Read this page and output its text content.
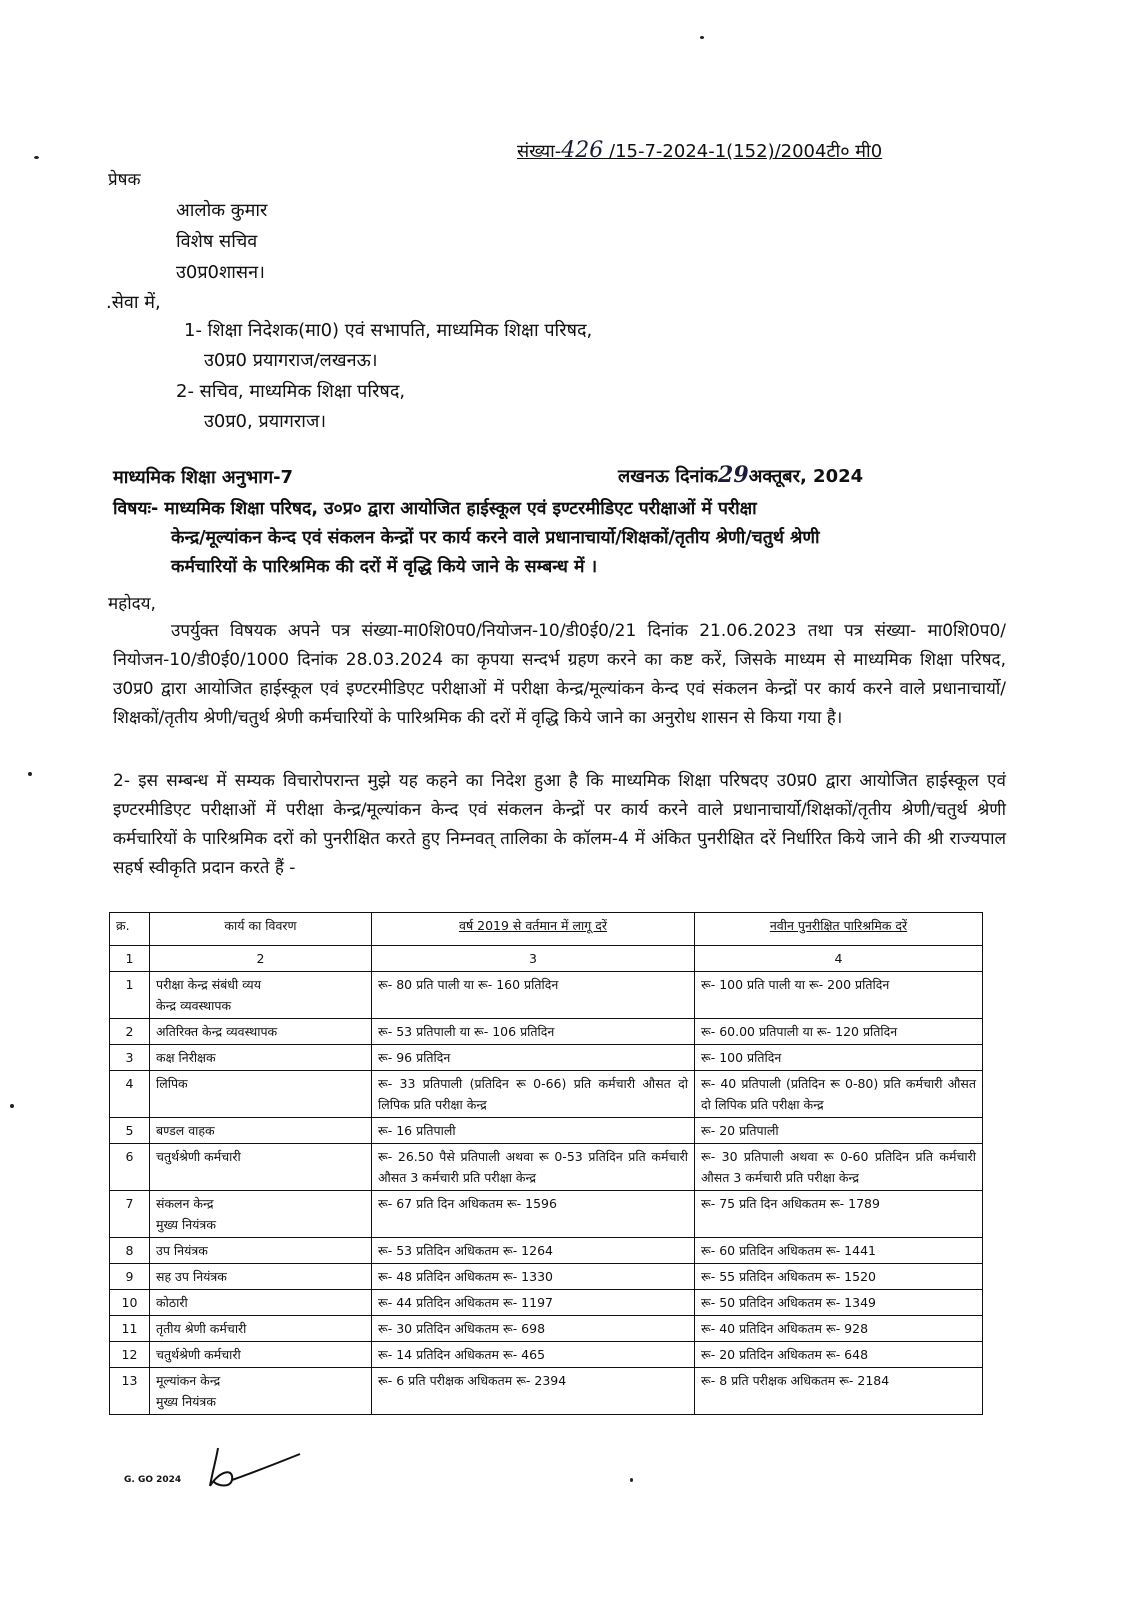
संख्या-426 /15-7-2024-1(152)/2004टी० मी0
प्रेषक
आलोक कुमार
विशेष सचिव
उ0प्र0शासन।
.सेवा में,
1- शिक्षा निदेशक(मा0) एवं सभापति, माध्यमिक शिक्षा परिषद,
उ0प्र0 प्रयागराज/लखनऊ।
2- सचिव, माध्यमिक शिक्षा परिषद,
उ0प्र0, प्रयागराज।
माध्यमिक शिक्षा अनुभाग-7	लखनऊ दिनांक29अक्तूबर, 2024
विषयः- माध्यमिक शिक्षा परिषद, उ०प्र० द्वारा आयोजित हाईस्कूल एवं इण्टरमीडिएट परीक्षाओं में परीक्षा
केन्द्र/मूल्यांकन केन्द एवं संकलन केन्द्रों पर कार्य करने वाले प्रधानाचार्यो/शिक्षकों/तृतीय श्रेणी/चतुर्थ श्रेणी
कर्मचारियों के पारिश्रमिक की दरों में वृद्धि किये जाने के सम्बन्ध में ।
महोदय,
उपर्युक्त विषयक अपने पत्र संख्या-मा0शि0प0/नियोजन-10/डी0ई0/21 दिनांक 21.06.2023 तथा पत्र संख्या- मा0शि0प0/नियोजन-10/डी0ई0/1000 दिनांक 28.03.2024 का कृपया सन्दर्भ ग्रहण करने का कष्ट करें, जिसके माध्यम से माध्यमिक शिक्षा परिषद, उ0प्र0 द्वारा आयोजित हाईस्कूल एवं इण्टरमीडिएट परीक्षाओं में परीक्षा केन्द्र/मूल्यांकन केन्द एवं संकलन केन्द्रों पर कार्य करने वाले प्रधानाचार्यो/शिक्षकों/तृतीय श्रेणी/चतुर्थ श्रेणी कर्मचारियों के पारिश्रमिक की दरों में वृद्धि किये जाने का अनुरोध शासन से किया गया है।
2- इस सम्बन्ध में सम्यक विचारोपरान्त मुझे यह कहने का निदेश हुआ है कि माध्यमिक शिक्षा परिषदए उ0प्र0 द्वारा आयोजित हाईस्कूल एवं इण्टरमीडिएट परीक्षाओं में परीक्षा केन्द्र/मूल्यांकन केन्द एवं संकलन केन्द्रों पर कार्य करने वाले प्रधानाचार्यो/शिक्षकों/तृतीय श्रेणी/चतुर्थ श्रेणी कर्मचारियों के पारिश्रमिक दरों को पुनरीक्षित करते हुए निम्नवत् तालिका के कॉलम-4 में अंकित पुनरीक्षित दरें निर्धारित किये जाने की श्री राज्यपाल सहर्ष स्वीकृति प्रदान करते हैं -
क्र.	कार्य का विवरण	वर्ष 2019 से वर्तमान में लागू दरें	नवीन पुनरीक्षित पारिश्रमिक दरें
1	2	3	4
1	परीक्षा केन्द्र संबंधी व्यय
केन्द्र व्यवस्थापक	रू- 80 प्रति पाली या रू- 160 प्रतिदिन	रू- 100 प्रति पाली या रू- 200 प्रतिदिन
2	अतिरिक्त केन्द्र व्यवस्थापक	रू- 53 प्रतिपाली या रू- 106 प्रतिदिन	रू- 60.00 प्रतिपाली या रू- 120 प्रतिदिन
3	कक्ष निरीक्षक	रू- 96 प्रतिदिन	रू- 100 प्रतिदिन
4	लिपिक	रू- 33 प्रतिपाली (प्रतिदिन रू 0-66) प्रति कर्मचारी औसत दो लिपिक प्रति परीक्षा केन्द्र	रू- 40 प्रतिपाली (प्रतिदिन रू 0-80) प्रति कर्मचारी औसत दो लिपिक प्रति परीक्षा केन्द्र
5	बण्डल वाहक	रू- 16 प्रतिपाली	रू- 20 प्रतिपाली
6	चतुर्थश्रेणी कर्मचारी	रू- 26.50 पैसे प्रतिपाली अथवा रू 0-53 प्रतिदिन प्रति कर्मचारी औसत 3 कर्मचारी प्रति परीक्षा केन्द्र	रू- 30 प्रतिपाली अथवा रू 0-60 प्रतिदिन प्रति कर्मचारी औसत 3 कर्मचारी प्रति परीक्षा केन्द्र
7	संकलन केन्द्र
मुख्य नियंत्रक	रू- 67 प्रति दिन अधिकतम रू- 1596	रू- 75 प्रति दिन अधिकतम रू- 1789
8	उप नियंत्रक	रू- 53 प्रतिदिन अधिकतम रू- 1264	रू- 60 प्रतिदिन अधिकतम रू- 1441
9	सह उप नियंत्रक	रू- 48 प्रतिदिन अधिकतम रू- 1330	रू- 55 प्रतिदिन अधिकतम रू- 1520
10	कोठारी	रू- 44 प्रतिदिन अधिकतम रू- 1197	रू- 50 प्रतिदिन अधिकतम रू- 1349
11	तृतीय श्रेणी कर्मचारी	रू- 30 प्रतिदिन अधिकतम रू- 698	रू- 40 प्रतिदिन अधिकतम रू- 928
12	चतुर्थश्रेणी कर्मचारी	रू- 14 प्रतिदिन अधिकतम रू- 465	रू- 20 प्रतिदिन अधिकतम रू- 648
13	मूल्यांकन केन्द्र
मुख्य नियंत्रक	रू- 6 प्रति परीक्षक अधिकतम रू- 2394	रू- 8 प्रति परीक्षक अधिकतम रू- 2184
G. GO 2024
